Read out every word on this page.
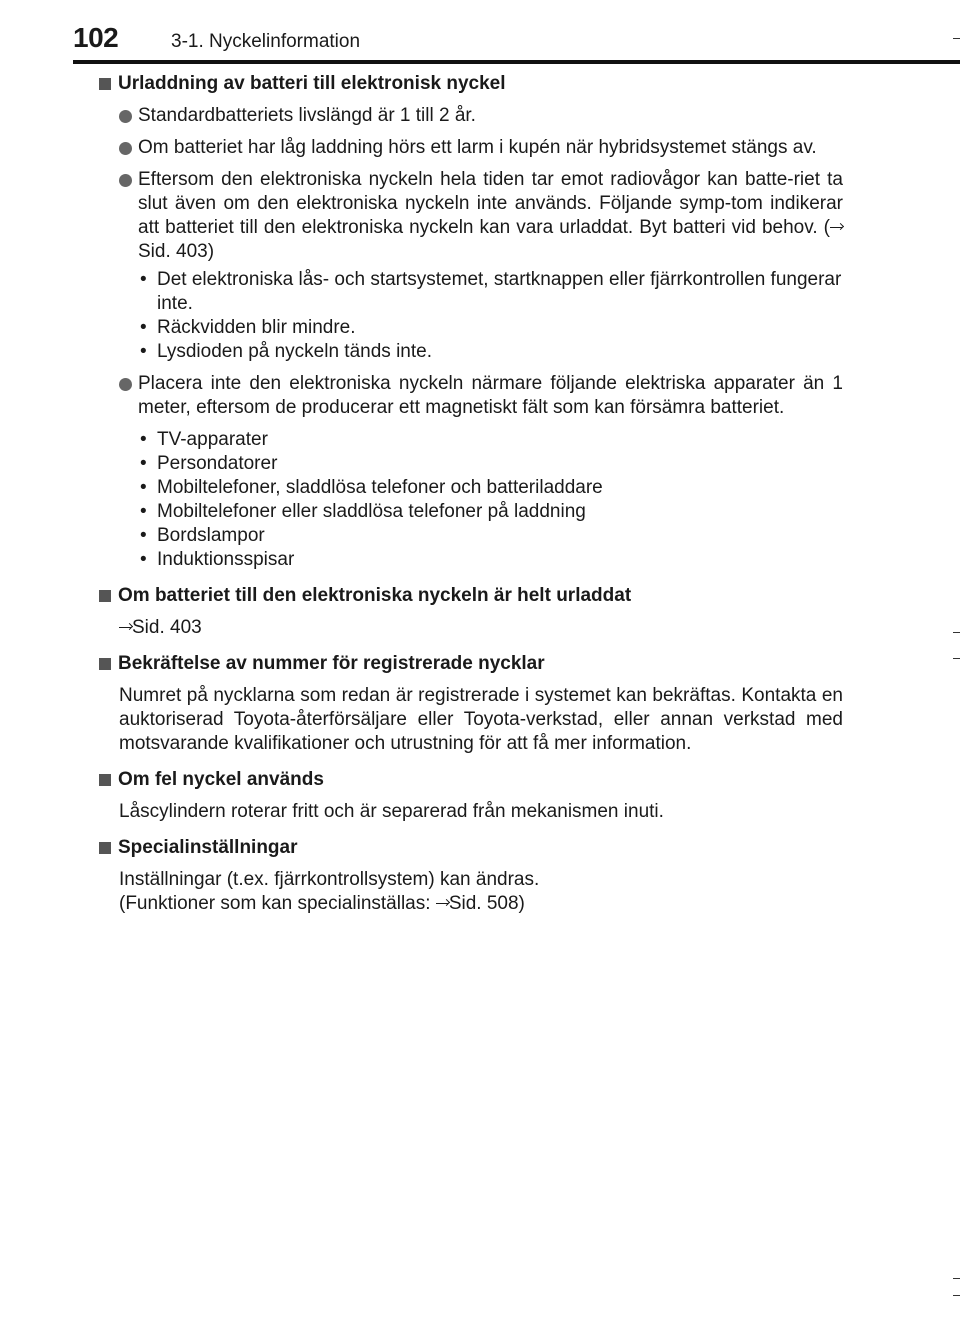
102	3-1. Nyckelinformation
Urladdning av batteri till elektronisk nyckel
Standardbatteriets livslängd är 1 till 2 år.
Om batteriet har låg laddning hörs ett larm i kupén när hybridsystemet stängs av.
Eftersom den elektroniska nyckeln hela tiden tar emot radiovågor kan batte-riet ta slut även om den elektroniska nyckeln inte används. Följande symp-tom indikerar att batteriet till den elektroniska nyckeln kan vara urladdat. Byt batteri vid behov. (Sid. 403)
• Det elektroniska lås- och startsystemet, startknappen eller fjärrkontrollen fungerar inte.
• Räckvidden blir mindre.
• Lysdioden på nyckeln tänds inte.
Placera inte den elektroniska nyckeln närmare följande elektriska apparater än 1 meter, eftersom de producerar ett magnetiskt fält som kan försämra batteriet.
• TV-apparater
• Persondatorer
• Mobiltelefoner, sladdlösa telefoner och batteriladdare
• Mobiltelefoner eller sladdlösa telefoner på laddning
• Bordslampor
• Induktionsspisar
Om batteriet till den elektroniska nyckeln är helt urladdat
Sid. 403
Bekräftelse av nummer för registrerade nycklar
Numret på nycklarna som redan är registrerade i systemet kan bekräftas. Kontakta en auktoriserad Toyota-återförsäljare eller Toyota-verkstad, eller annan verkstad med motsvarande kvalifikationer och utrustning för att få mer information.
Om fel nyckel används
Låscylindern roterar fritt och är separerad från mekanismen inuti.
Specialinställningar
Inställningar (t.ex. fjärrkontrollsystem) kan ändras.
(Funktioner som kan specialinställas: Sid. 508)
